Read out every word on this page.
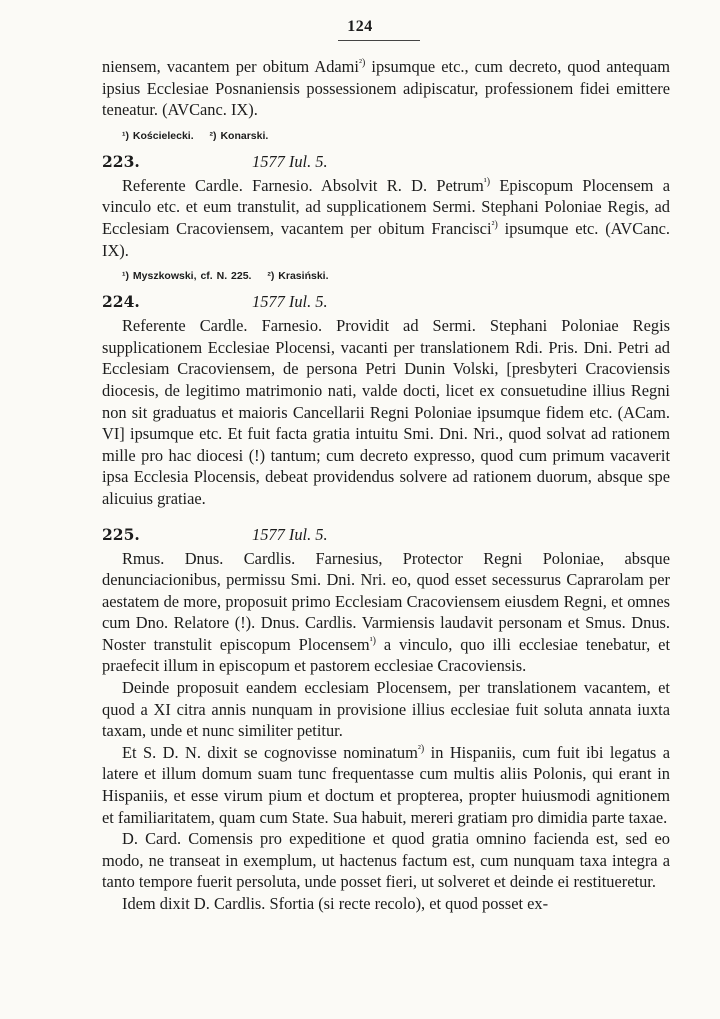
124

niensem, vacantem per obitum Adami$^{^2)}$ ipsumque etc., cum decreto, quod antequam ipsius Ecclesiae Posnaniensis possessionem adipiscatur, professionem fidei emittere teneatur. (AVCanc. IX).

¹) Kościelecki. ²) Konarski.
223.	1577 Iul. 5.

Referente Cardle. Farnesio. Absolvit R. D. Petrum$^{^1)}$ Episcopum Plocensem a vinculo etc. et eum transtulit, ad supplicationem Sermi. Stephani Poloniae Regis, ad Ecclesiam Cracoviensem, vacantem per obitum Francisci$^{^2)}$ ipsumque etc. (AVCanc. IX).

¹) Myszkowski, cf. N. 225. ²) Krasiński.
224.	1577 Iul. 5.

Referente Cardle. Farnesio. Providit ad Sermi. Stephani Poloniae Regis supplicationem Ecclesiae Plocensi, vacanti per translationem Rdi. Pris. Dni. Petri ad Ecclesiam Cracoviensem, de persona Petri Dunin Volski, [presbyteri Cracoviensis diocesis, de legitimo matrimonio nati, valde docti, licet ex consuetudine illius Regni non sit graduatus et maioris Cancellarii Regni Poloniae ipsumque fidem etc. (ACam. VI] ipsumque etc. Et fuit facta gratia intuitu Smi. Dni. Nri., quod solvat ad rationem mille pro hac diocesi (!) tantum; cum decreto expresso, quod cum primum vacaverit ipsa Ecclesia Plocensis, debeat providendus solvere ad rationem duorum, absque spe alicuius gratiae.

225.	1577 Iul. 5.

Rmus. Dnus. Cardlis. Farnesius, Protector Regni Poloniae, absque denunciacionibus, permissu Smi. Dni. Nri. eo, quod esset secessurus Caprarolam per aestatem de more, proposuit primo Ecclesiam Cracoviensem eiusdem Regni, et omnes cum Dno. Relatore (!). Dnus. Cardlis. Varmiensis laudavit personam et Smus. Dnus. Noster transtulit episcopum Plocensem$^{^1)}$ a vinculo, quo illi ecclesiae tenebatur, et praefecit illum in episcopum et pastorem ecclesiae Cracoviensis.

Deinde proposuit eandem ecclesiam Plocensem, per translationem vacantem, et quod a XI citra annis nunquam in provisione illius ecclesiae fuit soluta annata iuxta taxam, unde et nunc similiter petitur.

Et S. D. N. dixit se cognovisse nominatum$^{^2)}$ in Hispaniis, cum fuit ibi legatus a latere et illum domum suam tunc frequentasse cum multis aliis Polonis, qui erant in Hispaniis, et esse virum pium et doctum et propterea, propter huiusmodi agnitionem et familiaritatem, quam cum State. Sua habuit, mereri gratiam pro dimidia parte taxae.

D. Card. Comensis pro expeditione et quod gratia omnino facienda est, sed eo modo, ne transeat in exemplum, ut hactenus factum est, cum nunquam taxa integra a tanto tempore fuerit persoluta, unde posset fieri, ut solveret et deinde ei restitueretur.

Idem dixit D. Cardlis. Sfortia (si recte recolo), et quod posset ex-
